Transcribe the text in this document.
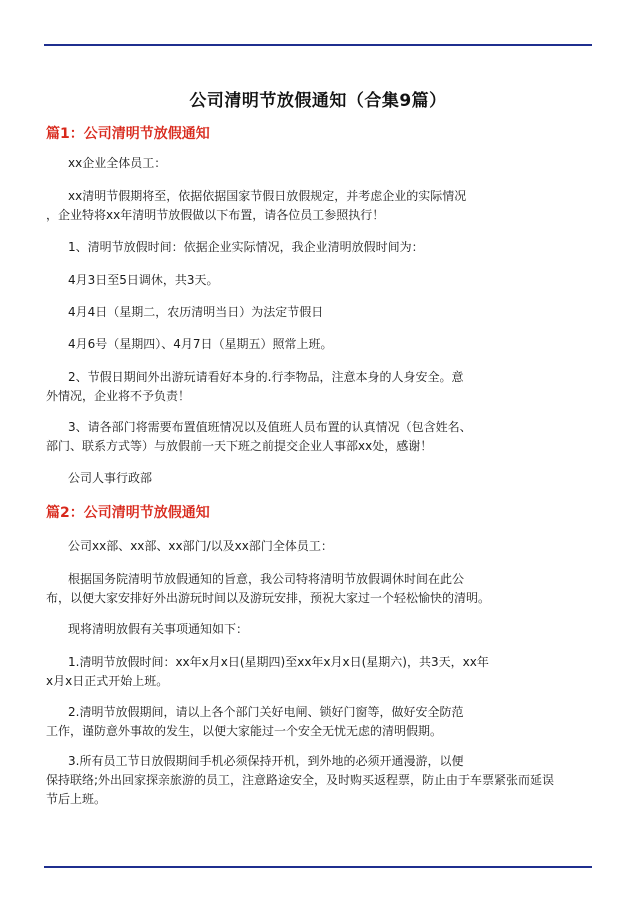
公司清明节放假通知（合集9篇）
篇1：公司清明节放假通知
xx企业全体员工：
xx清明节假期将至，依据依据国家节假日放假规定，并考虑企业的实际情况
，企业特将xx年清明节放假做以下布置，请各位员工参照执行！
1、清明节放假时间：依据企业实际情况，我企业清明放假时间为：
4月3日至5日调休，共3天。
4月4日（星期二，农历清明当日）为法定节假日
4月6号（星期四）、4月7日（星期五）照常上班。
2、节假日期间外出游玩请看好本身的.行李物品，注意本身的人身安全。意
外情况，企业将不予负责！
3、请各部门将需要布置值班情况以及值班人员布置的认真情况（包含姓名、
部门、联系方式等）与放假前一天下班之前提交企业人事部xx处，感谢！
公司人事行政部
篇2：公司清明节放假通知
公司xx部、xx部、xx部门/以及xx部门全体员工：
根据国务院清明节放假通知的旨意，我公司特将清明节放假调休时间在此公
布，以便大家安排好外出游玩时间以及游玩安排，预祝大家过一个轻松愉快的清明。
现将清明放假有关事项通知如下：
1.清明节放假时间：xx年x月x日(星期四)至xx年x月x日(星期六)，共3天，xx年
x月x日正式开始上班。
2.清明节放假期间，请以上各个部门关好电闸、锁好门窗等，做好安全防范
工作，谨防意外事故的发生，以便大家能过一个安全无忧无虑的清明假期。
3.所有员工节日放假期间手机必须保持开机，到外地的必须开通漫游，以便
保持联络;外出回家探亲旅游的员工，注意路途安全，及时购买返程票，防止由于车票紧张而延误
节后上班。
